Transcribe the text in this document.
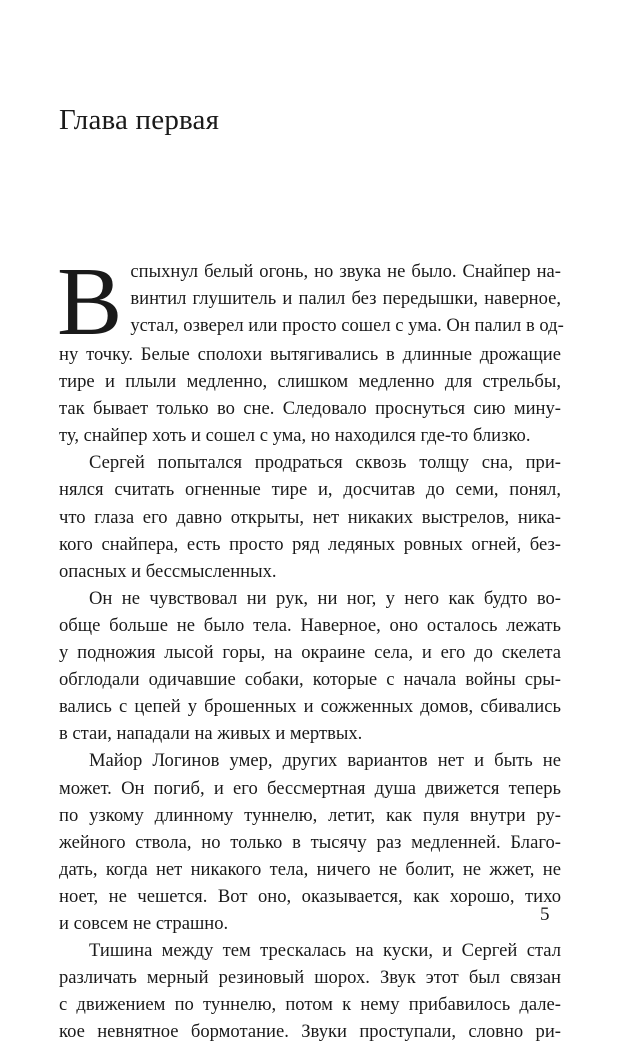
Глава первая
В спыхнул белый огонь, но звука не было. Снайпер на-
винтил глушитель и палил без передышки, наверное,
устал, озверел или просто сошел с ума. Он палил в од-
ну точку. Белые сполохи вытягивались в длинные дрожащие
тире и плыли медленно, слишком медленно для стрельбы,
так бывает только во сне. Следовало проснуться сию мину-
ту, снайпер хоть и сошел с ума, но находился где-то близко.
Сергей попытался продраться сквозь толщу сна, при-
нялся считать огненные тире и, досчитав до семи, понял,
что глаза его давно открыты, нет никаких выстрелов, ника-
кого снайпера, есть просто ряд ледяных ровных огней, без-
опасных и бессмысленных.
Он не чувствовал ни рук, ни ног, у него как будто во-
обще больше не было тела. Наверное, оно осталось лежать
у подножия лысой горы, на окраине села, и его до скелета
обглодали одичавшие собаки, которые с начала войны сры-
вались с цепей у брошенных и сожженных домов, сбивались
в стаи, нападали на живых и мертвых.
Майор Логинов умер, других вариантов нет и быть не
может. Он погиб, и его бессмертная душа движется теперь
по узкому длинному туннелю, летит, как пуля внутри ру-
жейного ствола, но только в тысячу раз медленней. Благо-
дать, когда нет никакого тела, ничего не болит, не жжет, не
ноет, не чешется. Вот оно, оказывается, как хорошо, тихо
и совсем не страшно.
Тишина между тем трескалась на куски, и Сергей стал
различать мерный резиновый шорох. Звук этот был связан
с движением по туннелю, потом к нему прибавилось дале-
кое невнятное бормотание. Звуки проступали, словно ри-
5
